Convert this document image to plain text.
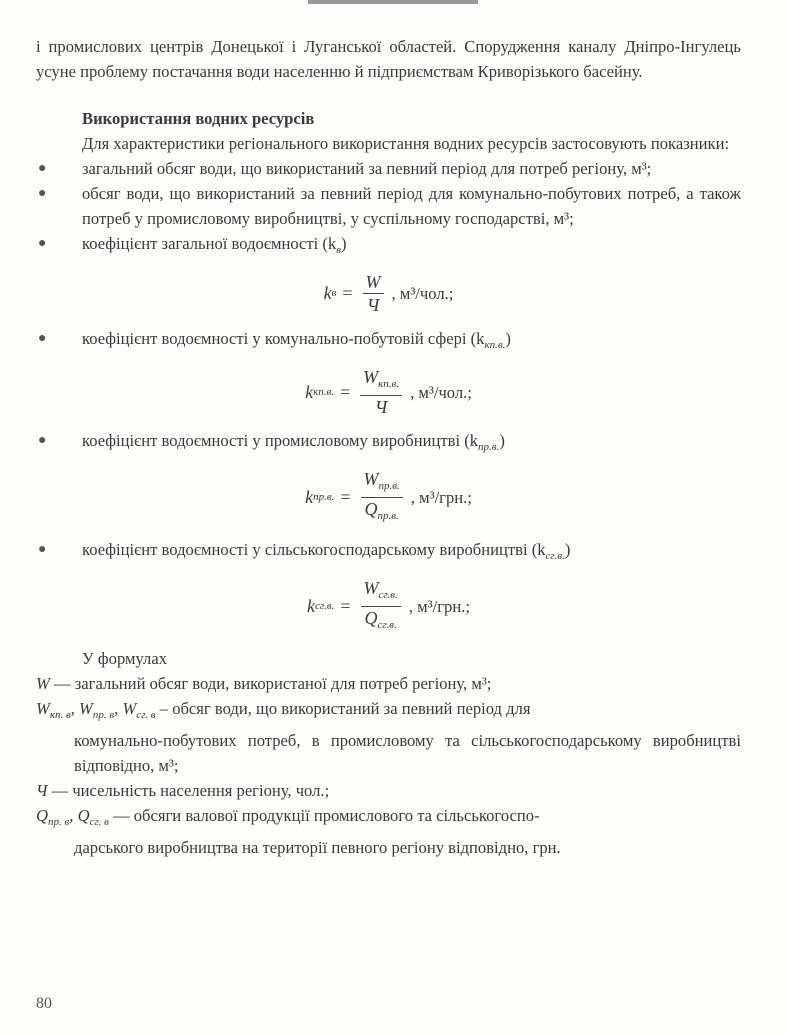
і промислових центрів Донецької і Луганської областей. Спорудження каналу Дніпро-Інгулець усуне проблему постачання води населенню й підприємствам Криворізького басейну.

Використання водних ресурсів

Для характеристики регіонального використання водних ресурсів застосовують показники:

● загальний обсяг води, що використаний за певний період для потреб регіону, м³;
● обсяг води, що використаний за певний період для комунально-побутових потреб, а також потреб у промисловому виробництві, у суспільному господарстві, м³;
● коефіцієнт загальної водоємності $(k_в)$
k $в = \frac{W}{Ч}$ , м³/чол.;
● коефіцієнт водоємності у комунально-побутовій сфері $(k_{кп.в.})$
k кп.в. = $\frac{W_{кп.в.}}{Ч}$ , м³/чол.;
● коефіцієнт водоємності у промисловому виробництві $(k_{пр.в.})$
k пр.в. = $\frac{W_{пр.в.}}{Q_{пр.в.}}$ , м³/грн.;
● коефіцієнт водоємності у сільськогосподарському виробництві $(k_{сг.в.})$
k сг.в. = $\frac{W_{сг.в.}}{Q_{сг.в.}}$ , м³/грн.;

У формулах

W — загальний обсяг води, використаної для потреб регіону, м³;

$W_{кп. в}$, $W_{пр. в}$, $W_{сг. в}$ – обсяг води, що використаний за певний період для
комунально-побутових потреб, в промисловому та сільськогосподарському виробництві відповідно, м³;

Ч — чисельність населення регіону, чол.;

$Q_{пр. в}$, $Q_{сг. в}$ — обсяги валової продукції промислового та сільськогоспо-
дарського виробництва на території певного регіону відповідно, грн.

80
